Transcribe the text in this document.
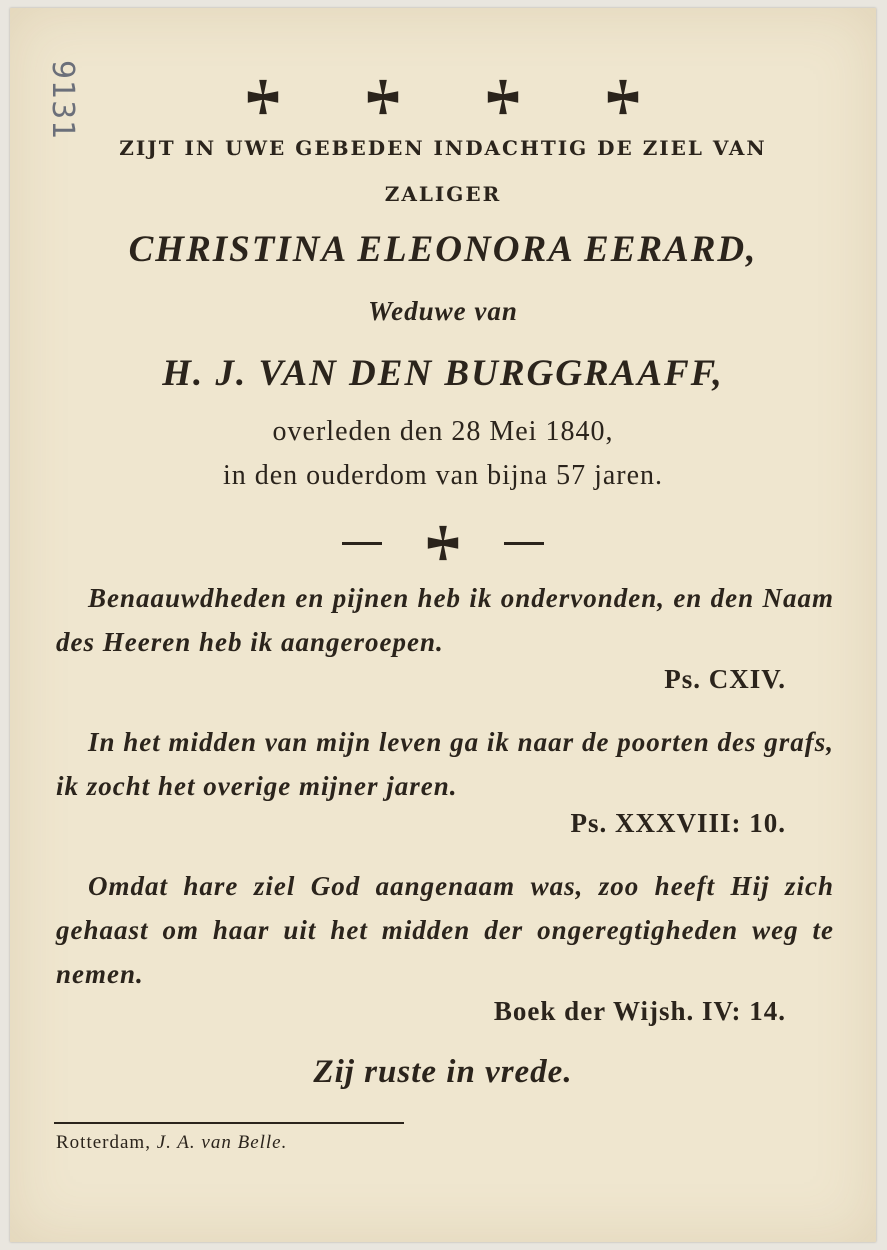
9131
ZIJT IN UWE GEBEDEN INDACHTIG DE ZIEL VAN
ZALIGER
CHRISTINA ELEONORA EERARD,
Weduwe van
H. J. VAN DEN BURGGRAAFF,
overleden den 28 Mei 1840,
in den ouderdom van bijna 57 jaren.
Benaauwdheden en pijnen heb ik ondervonden, en den Naam des Heeren heb ik aangeroepen.
Ps. CXIV.
In het midden van mijn leven ga ik naar de poorten des grafs, ik zocht het overige mijner jaren.
Ps. XXXVIII: 10.
Omdat hare ziel God aangenaam was, zoo heeft Hij zich gehaast om haar uit het midden der ongeregtigheden weg te nemen.
Boek der Wijsh. IV: 14.
Zij ruste in vrede.
Rotterdam, J. A. van Belle.
